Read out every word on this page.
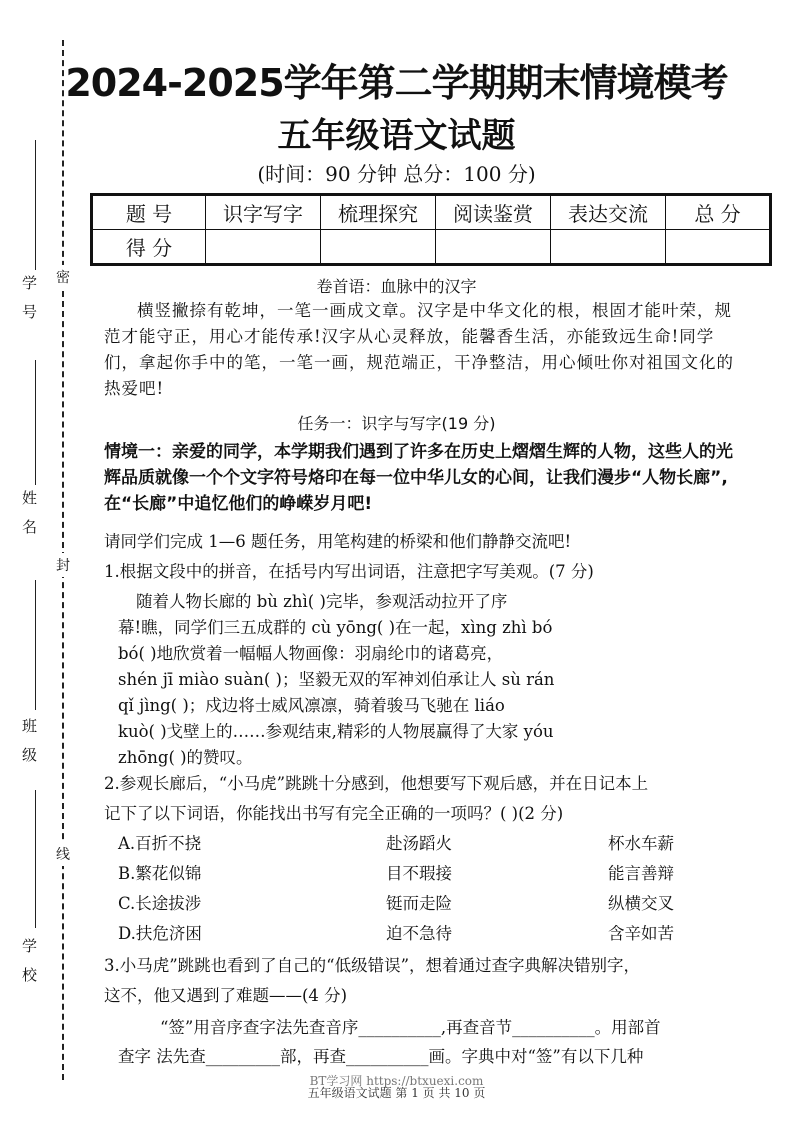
学号
姓名
班级
学校
密
封
线
2024-2025学年第二学期期末情境模考
五年级语文试题
(时间：90 分钟 总分：100 分)
题 号	识字写字	梳理探究	阅读鉴赏	表达交流	总 分
得 分					
卷首语：血脉中的汉字
横竖撇捺有乾坤，一笔一画成文章。汉字是中华文化的根，根固才能叶荣，规范才能守正，用心才能传承!汉字从心灵释放，能馨香生活，亦能致远生命!同学们，拿起你手中的笔，一笔一画，规范端正，干净整洁，用心倾吐你对祖国文化的热爱吧!
任务一：识字与写字(19 分)
情境一：亲爱的同学，本学期我们遇到了许多在历史上熠熠生辉的人物，这些人的光辉品质就像一个个文字符号烙印在每一位中华儿女的心间，让我们漫步“人物长廊”,在“长廊”中追忆他们的峥嵘岁月吧!
请同学们完成 1—6 题任务，用笔构建的桥梁和他们静静交流吧!
1.根据文段中的拼音，在括号内写出词语，注意把字写美观。(7 分)
随着人物长廊的 bù zhì( )完毕，参观活动拉开了序
幕!瞧，同学们三五成群的 cù yōng( )在一起，xìng zhì bó
bó( )地欣赏着一幅幅人物画像：羽扇纶巾的诸葛亮，
shén jī miào suàn( )；坚毅无双的军神刘伯承让人 sù rán
qǐ jìng( )；戍边将士威风凛凛，骑着骏马飞驰在 liáo
kuò( )戈壁上的……参观结束,精彩的人物展赢得了大家 yóu
zhōng( )的赞叹。
2.参观长廊后，“小马虎”跳跳十分感到，他想要写下观后感，并在日记本上
记下了以下词语，你能找出书写有完全正确的一项吗？( )(2 分)
A.百折不挠	赴汤蹈火	杯水车薪
B.繁花似锦	目不瑕接	能言善辩
C.长途拔涉	铤而走险	纵横交叉
D.扶危济困	迫不急待	含辛如苦
3.小马虎”跳跳也看到了自己的“低级错误”，想着通过查字典解决错别字，
这不，他又遇到了难题——(4 分)
“签”用音序查字法先查音序__________,再查音节__________。用部首
查字 法先查_________部，再查__________画。字典中对“签”有以下几种
BT学习网 https://btxuexi.com
五年级语文试题 第 1 页 共 10 页
